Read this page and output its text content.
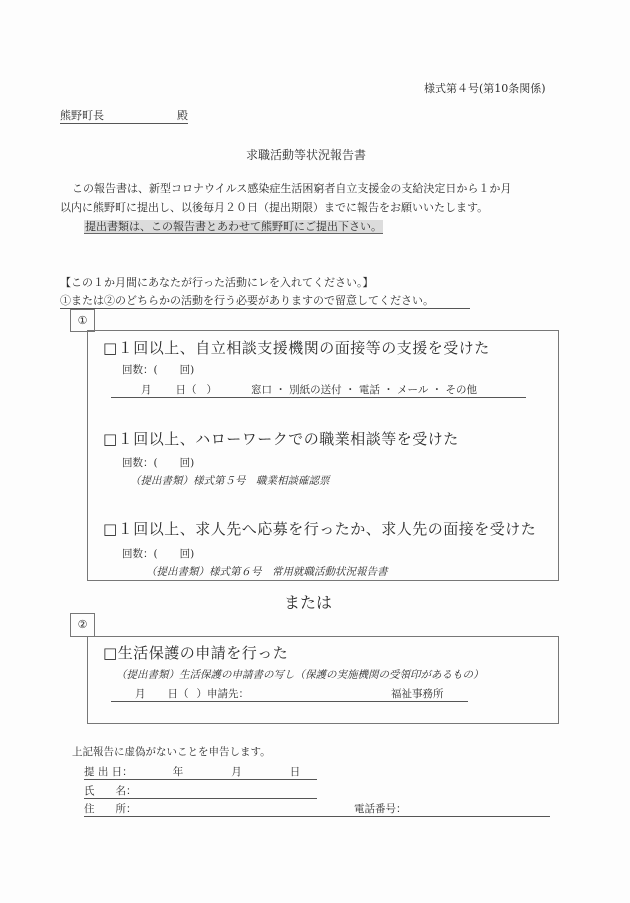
様式第４号(第10条関係)
熊野町長	殿
求職活動等状況報告書
この報告書は、新型コロナウイルス感染症生活困窮者自立支援金の支給決定日から１か月
以内に熊野町に提出し、以後毎月２０日（提出期限）までに報告をお願いいたします。
提出書類は、この報告書とあわせて熊野町にご提出下さい。
【この１か月間にあなたが行った活動にレを入れてください。】
①または②のどちらかの活動を行う必要がありますので留意してください。
①
□１回以上、自立相談支援機関の面接等の支援を受けた
回数：( 回)
月 日（ ）	窓口 ・ 別紙の送付 ・ 電話 ・ メール ・ その他
□１回以上、ハローワークでの職業相談等を受けた
回数：( 回)
（提出書類）様式第５号　職業相談確認票
□１回以上、求人先へ応募を行ったか、求人先の面接を受けた
回数：( 回)
（提出書類）様式第６号　常用就職活動状況報告書
または
②
□生活保護の申請を行った
（提出書類）生活保護の申請書の写し（保護の実施機関の受領印があるもの）
月 日（ ）申請先：	福祉事務所
上記報告に虚偽がないことを申告します。
提 出 日：	年	月	日
氏　　名：
住　　所：	電話番号：
